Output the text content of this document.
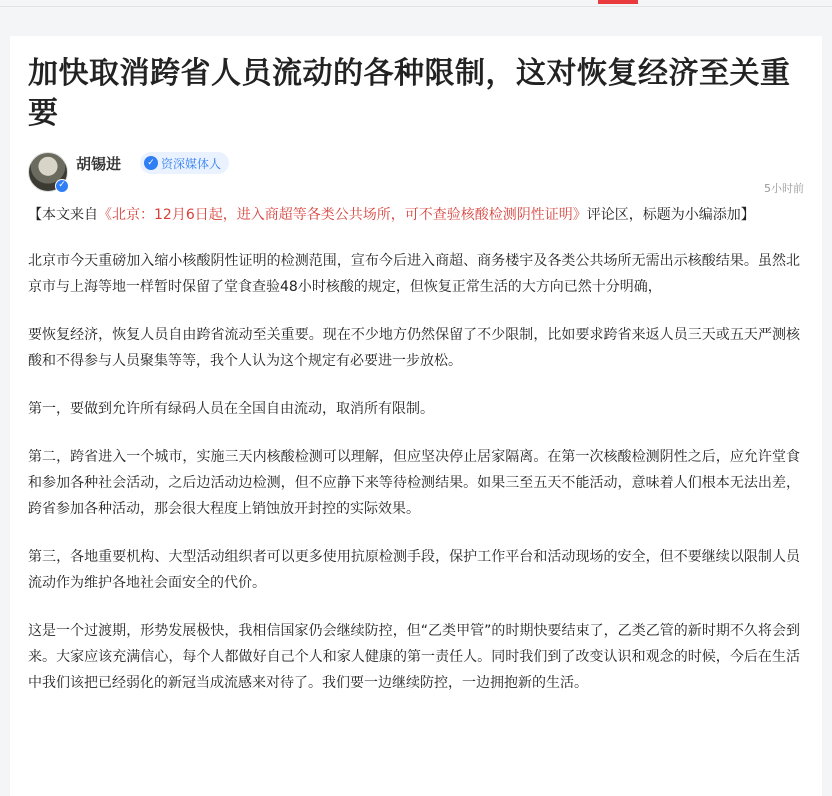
加快取消跨省人员流动的各种限制，这对恢复经济至关重要
✓
胡锡进	✓ 资深媒体人
5小时前

【本文来自《北京：12月6日起，进入商超等各类公共场所，可不查验核酸检测阴性证明》评论区，标题为小编添加】

北京市今天重磅加入缩小核酸阴性证明的检测范围，宣布今后进入商超、商务楼宇及各类公共场所无需出示核酸结果。虽然北京市与上海等地一样暂时保留了堂食查验48小时核酸的规定，但恢复正常生活的大方向已然十分明确，

要恢复经济，恢复人员自由跨省流动至关重要。现在不少地方仍然保留了不少限制，比如要求跨省来返人员三天或五天严测核酸和不得参与人员聚集等等，我个人认为这个规定有必要进一步放松。

第一，要做到允许所有绿码人员在全国自由流动，取消所有限制。

第二，跨省进入一个城市，实施三天内核酸检测可以理解，但应坚决停止居家隔离。在第一次核酸检测阴性之后，应允许堂食和参加各种社会活动，之后边活动边检测，但不应静下来等待检测结果。如果三至五天不能活动，意味着人们根本无法出差，跨省参加各种活动，那会很大程度上销蚀放开封控的实际效果。

第三，各地重要机构、大型活动组织者可以更多使用抗原检测手段，保护工作平台和活动现场的安全，但不要继续以限制人员流动作为维护各地社会面安全的代价。

这是一个过渡期，形势发展极快，我相信国家仍会继续防控，但“乙类甲管”的时期快要结束了，乙类乙管的新时期不久将会到来。大家应该充满信心，每个人都做好自己个人和家人健康的第一责任人。同时我们到了改变认识和观念的时候，今后在生活中我们该把已经弱化的新冠当成流感来对待了。我们要一边继续防控，一边拥抱新的生活。
